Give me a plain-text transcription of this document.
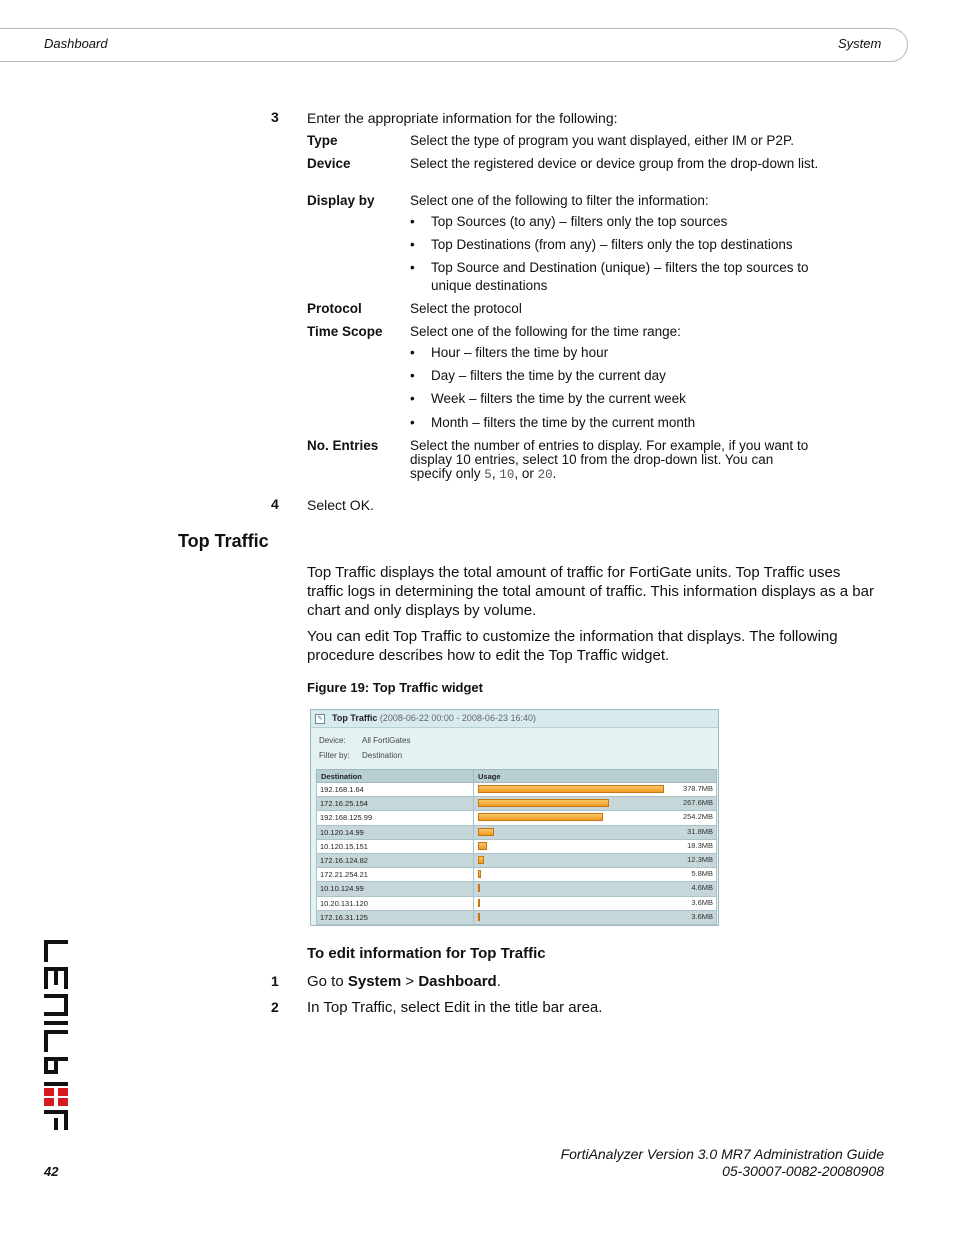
Dashboard	System
3 Enter the appropriate information for the following:
Type	Select the type of program you want displayed, either IM or P2P.
Device	Select the registered device or device group from the drop-down list.
Display by	Select one of the following to filter the information:
• Top Sources (to any) – filters only the top sources
• Top Destinations (from any) – filters only the top destinations
• Top Source and Destination (unique) – filters the top sources to unique destinations
Protocol	Select the protocol
Time Scope Select one of the following for the time range:
• Hour – filters the time by hour
• Day – filters the time by the current day
• Week – filters the time by the current week
• Month – filters the time by the current month
No. Entries Select the number of entries to display. For example, if you want to display 10 entries, select 10 from the drop-down list. You can specify only 5, 10, or 20.
4 Select OK.
Top Traffic
Top Traffic displays the total amount of traffic for FortiGate units. Top Traffic uses traffic logs in determining the total amount of traffic. This information displays as a bar chart and only displays by volume.
You can edit Top Traffic to customize the information that displays. The following procedure describes how to edit the Top Traffic widget.
Figure 19: Top Traffic widget
✎ Top Traffic (2008-06-22 00:00 - 2008-06-23 16:40)
Device: All FortiGates
Filter by: Destination
Destination	Usage
192.168.1.64	378.7MB

172.16.25.154	267.6MB

192.168.125.99	254.2MB

10.120.14.99	31.8MB

10.120.15.151	18.3MB

172.16.124.82	12.3MB

172.21.254.21	5.8MB

10.10.124.99	4.6MB

10.20.131.120	3.6MB

172.16.31.125	3.6MB
To edit information for Top Traffic
1 Go to System > Dashboard.
2 In Top Traffic, select Edit in the title bar area.
FortiAnalyzer Version 3.0 MR7 Administration Guide
05-30007-0082-20080908
42
